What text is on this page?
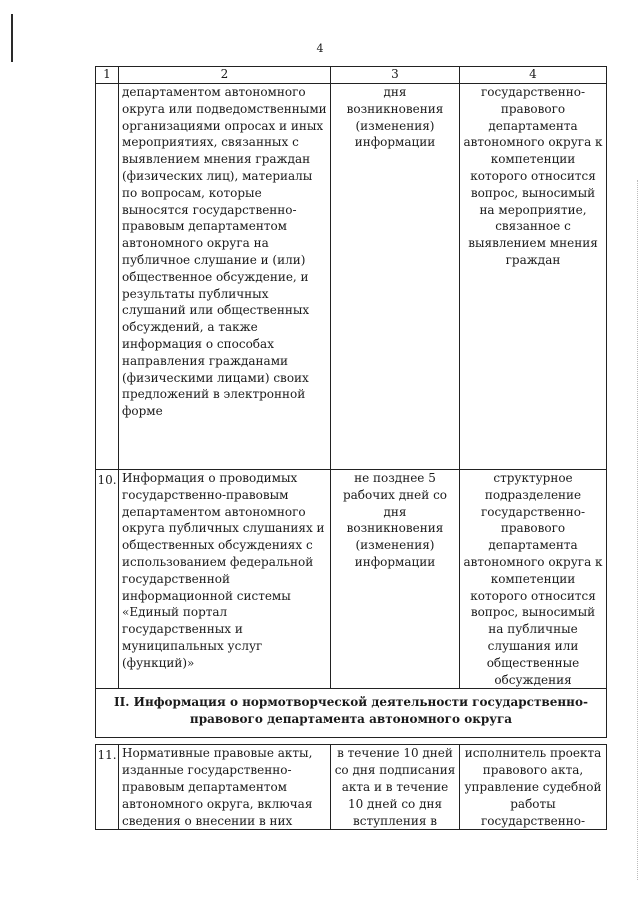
4
1	2	3	4
	департаментом автономного округа или подведомственными организациями опросах и иных мероприятиях, связанных с выявлением мнения граждан (физических лиц), материалы по вопросам, которые выносятся государственно-правовым департаментом автономного округа на публичное слушание и (или) общественное обсуждение, и результаты публичных слушаний или общественных обсуждений, а также информация о способах направления гражданами (физическими лицами) своих предложений в электронной форме	дня возникновения (изменения) информации	государственно-правового департамента автономного округа к компетенции которого относится вопрос, выносимый на мероприятие, связанное с выявлением мнения граждан
10.	Информация о проводимых государственно-правовым департаментом автономного округа публичных слушаниях и общественных обсуждениях с использованием федеральной государственной информационной системы «Единый портал государственных и муниципальных услуг (функций)»	не позднее 5 рабочих дней со дня возникновения (изменения) информации	структурное подразделение государственно-правового департамента автономного округа к компетенции которого относится вопрос, выносимый на публичные слушания или общественные обсуждения
II. Информация о нормотворческой деятельности государственно-правового департамента автономного округа			

11.	Нормативные правовые акты, изданные государственно-правовым департаментом автономного округа, включая сведения о внесении в них	в течение 10 дней со дня подписания акта и в течение 10 дней со дня вступления в	исполнитель проекта правового акта, управление судебной работы государственно-
